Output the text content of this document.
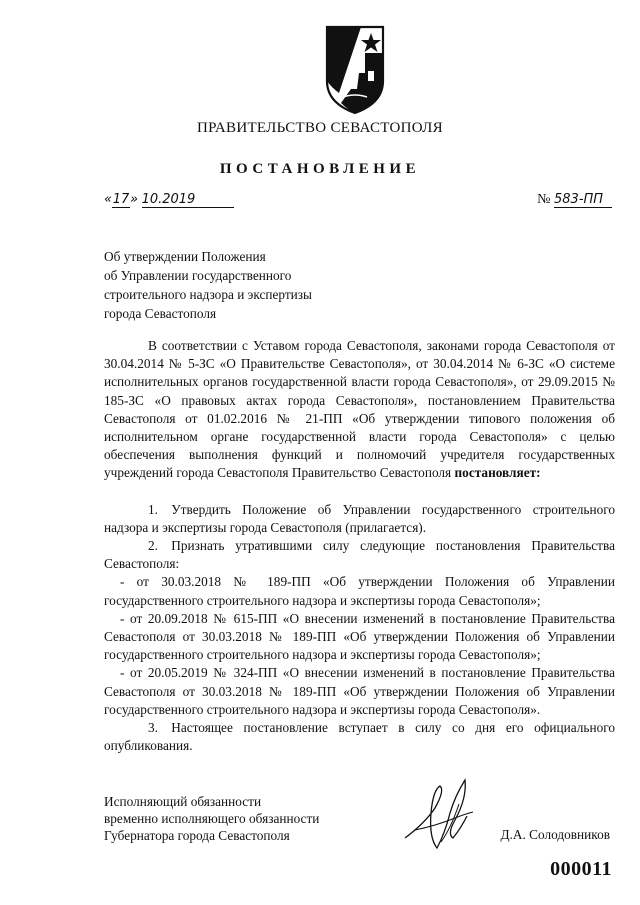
ПРАВИТЕЛЬСТВО СЕВАСТОПОЛЯ
ПОСТАНОВЛЕНИЕ
«17» 10.2019	№ 583-ПП
Об утверждении Положения
об Управлении государственного
строительного надзора и экспертизы
города Севастополя

В соответствии с Уставом города Севастополя, законами города Севастополя от 30.04.2014 № 5-ЗС «О Правительстве Севастополя», от 30.04.2014 № 6-ЗС «О системе исполнительных органов государственной власти города Севастополя», от 29.09.2015 № 185-ЗС «О правовых актах города Севастополя», постановлением Правительства Севастополя от 01.02.2016 № 21-ПП «Об утверждении типового положения об исполнительном органе государственной власти города Севастополя» с целью обеспечения выполнения функций и полномочий учредителя государственных учреждений города Севастополя Правительство Севастополя постановляет:

1. Утвердить Положение об Управлении государственного строительного надзора и экспертизы города Севастополя (прилагается).

2. Признать утратившими силу следующие постановления Правительства Севастополя:

- от 30.03.2018 № 189-ПП «Об утверждении Положения об Управлении государственного строительного надзора и экспертизы города Севастополя»;

- от 20.09.2018 № 615-ПП «О внесении изменений в постановление Правительства Севастополя от 30.03.2018 № 189-ПП «Об утверждении Положения об Управлении государственного строительного надзора и экспертизы города Севастополя»;

- от 20.05.2019 № 324-ПП «О внесении изменений в постановление Правительства Севастополя от 30.03.2018 № 189-ПП «Об утверждении Положения об Управлении государственного строительного надзора и экспертизы города Севастополя».

3. Настоящее постановление вступает в силу со дня его официального опубликования.

Исполняющий обязанности
временно исполняющего обязанности
Губернатора города Севастополя	Д.А. Солодовников
000011
